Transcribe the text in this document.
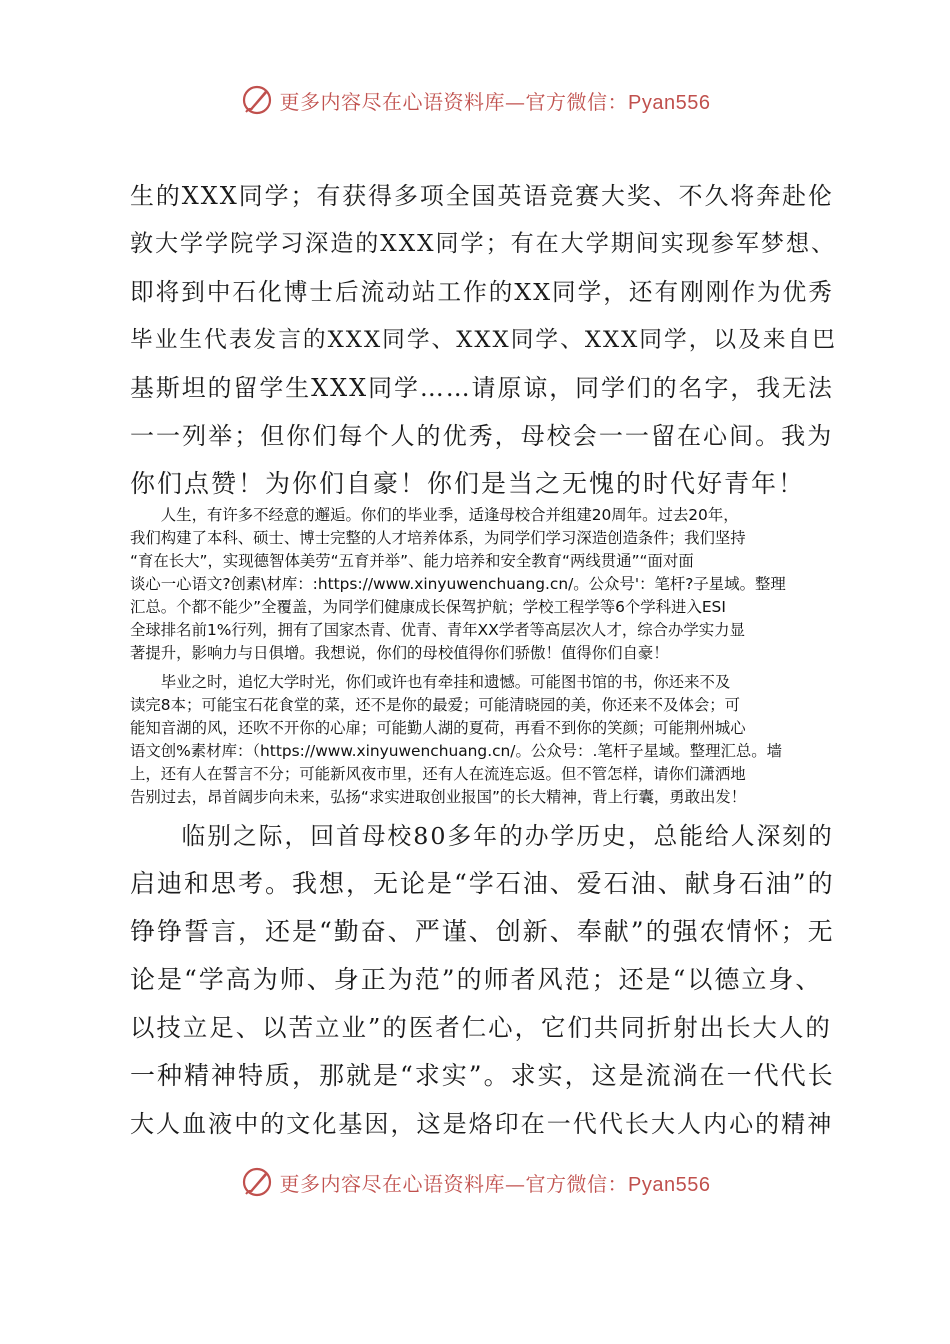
更多内容尽在心语资料库—官方微信：Pyan556
生的XXX同学；有获得多项全国英语竞赛大奖、不久将奔赴伦
敦大学学院学习深造的XXX同学；有在大学期间实现参军梦想、
即将到中石化博士后流动站工作的XX同学，还有刚刚作为优秀
毕业生代表发言的XXX同学、XXX同学、XXX同学，以及来自巴
基斯坦的留学生XXX同学……请原谅，同学们的名字，我无法
一一列举；但你们每个人的优秀，母校会一一留在心间。我为
你们点赞！为你们自豪！你们是当之无愧的时代好青年！
　　人生，有许多不经意的邂逅。你们的毕业季，适逢母校合并组建20周年。过去20年，
我们构建了本科、硕士、博士完整的人才培养体系，为同学们学习深造创造条件；我们坚持
“育在长大”，实现德智体美劳“五育并举”、能力培养和安全教育“两线贯通”“面对面
谈心一心语文?创素\材库：:https://www.xinyuwenchuang.cn/。公众号'：笔杆?子星域。整理
汇总。个都不能少”全覆盖，为同学们健康成长保驾护航；学校工程学等6个学科进入ESI
全球排名前1%行列，拥有了国家杰青、优青、青年XX学者等高层次人才，综合办学实力显
著提升，影响力与日俱增。我想说，你们的母校值得你们骄傲！值得你们自豪！
　　毕业之时，追忆大学时光，你们或许也有牵挂和遗憾。可能图书馆的书，你还来不及
读完8本；可能宝石花食堂的菜，还不是你的最爱；可能清晓园的美，你还来不及体会；可
能知音湖的风，还吹不开你的心扉；可能勤人湖的夏荷，再看不到你的笑颜；可能荆州城心
语文创%素材库：（https://www.xinyuwenchuang.cn/。公众号：.笔杆子星域。整理汇总。墙
上，还有人在誓言不分；可能新风夜市里，还有人在流连忘返。但不管怎样，请你们潇洒地
告别过去，昂首阔步向未来，弘扬“求实进取创业报国”的长大精神，背上行囊，勇敢出发！
　　临别之际，回首母校80多年的办学历史，总能给人深刻的
启迪和思考。我想，无论是“学石油、爱石油、献身石油”的
铮铮誓言，还是“勤奋、严谨、创新、奉献”的强农情怀；无
论是“学高为师、身正为范”的师者风范；还是“以德立身、
以技立足、以苦立业”的医者仁心，它们共同折射出长大人的
一种精神特质，那就是“求实”。求实，这是流淌在一代代长
大人血液中的文化基因，这是烙印在一代代长大人内心的精神
更多内容尽在心语资料库—官方微信：Pyan556
